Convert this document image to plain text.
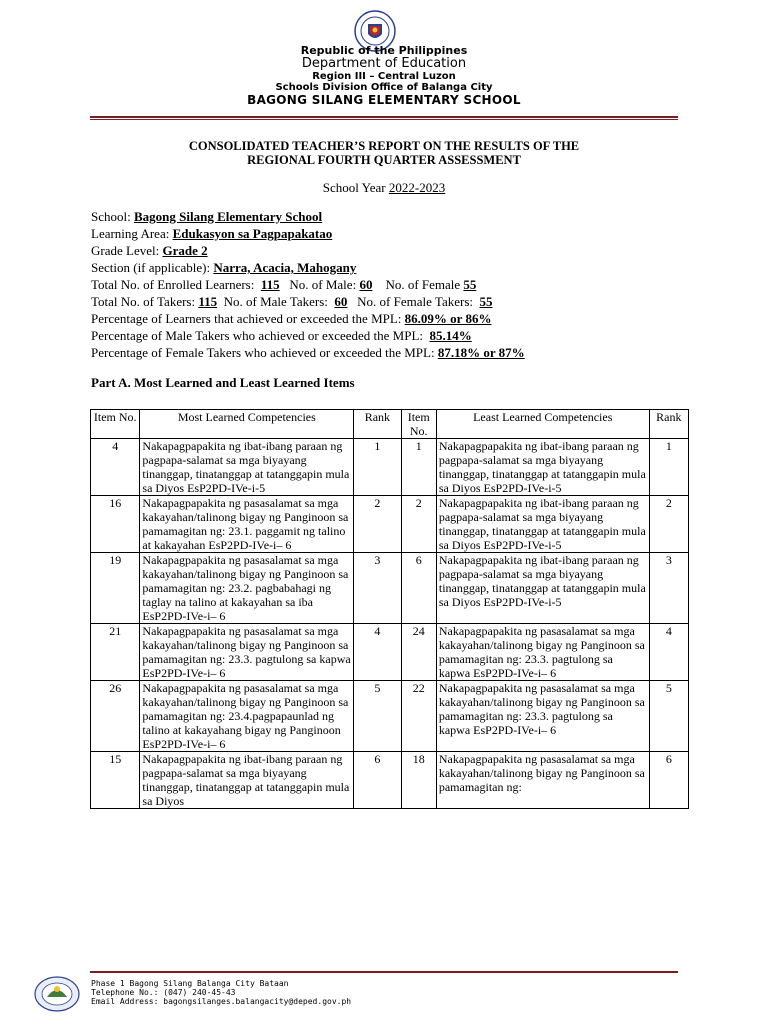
Republic of the Philippines
Department of Education
Region III – Central Luzon
Schools Division Office of Balanga City
BAGONG SILANG ELEMENTARY SCHOOL
CONSOLIDATED TEACHER’S REPORT ON THE RESULTS OF THE
REGIONAL FOURTH QUARTER ASSESSMENT
School Year 2022-2023
School: Bagong Silang Elementary School
Learning Area: Edukasyon sa Pagpapakatao
Grade Level: Grade 2
Section (if applicable): Narra, Acacia, Mahogany
Total No. of Enrolled Learners: 115 No. of Male: 60 No. of Female 55
Total No. of Takers: 115 No. of Male Takers: 60 No. of Female Takers: 55
Percentage of Learners that achieved or exceeded the MPL: 86.09% or 86%
Percentage of Male Takers who achieved or exceeded the MPL: 85.14%
Percentage of Female Takers who achieved or exceeded the MPL: 87.18% or 87%
Part A. Most Learned and Least Learned Items
Item No.	Most Learned Competencies	Rank	Item No.	Least Learned Competencies	Rank
4	Nakapagpapakita ng ibat-ibang paraan ng pagpapa-salamat sa mga biyayang tinanggap, tinatanggap at tatanggapin mula sa Diyos EsP2PD-IVe-i-5	1	1	Nakapagpapakita ng ibat-ibang paraan ng pagpapa-salamat sa mga biyayang tinanggap, tinatanggap at tatanggapin mula sa Diyos EsP2PD-IVe-i-5	1
16	Nakapagpapakita ng pasasalamat sa mga kakayahan/talinong bigay ng Panginoon sa pamamagitan ng: 23.1. paggamit ng talino at kakayahan EsP2PD-IVe-i– 6	2	2	Nakapagpapakita ng ibat-ibang paraan ng pagpapa-salamat sa mga biyayang tinanggap, tinatanggap at tatanggapin mula sa Diyos EsP2PD-IVe-i-5	2
19	Nakapagpapakita ng pasasalamat sa mga kakayahan/talinong bigay ng Panginoon sa pamamagitan ng: 23.2. pagbabahagi ng taglay na talino at kakayahan sa iba EsP2PD-IVe-i– 6	3	6	Nakapagpapakita ng ibat-ibang paraan ng pagpapa-salamat sa mga biyayang tinanggap, tinatanggap at tatanggapin mula sa Diyos EsP2PD-IVe-i-5	3
21	Nakapagpapakita ng pasasalamat sa mga kakayahan/talinong bigay ng Panginoon sa pamamagitan ng: 23.3. pagtulong sa kapwa EsP2PD-IVe-i– 6	4	24	Nakapagpapakita ng pasasalamat sa mga kakayahan/talinong bigay ng Panginoon sa pamamagitan ng: 23.3. pagtulong sa kapwa EsP2PD-IVe-i– 6	4
26	Nakapagpapakita ng pasasalamat sa mga kakayahan/talinong bigay ng Panginoon sa pamamagitan ng: 23.4.pagpapaunlad ng talino at kakayahang bigay ng Panginoon EsP2PD-IVe-i– 6	5	22	Nakapagpapakita ng pasasalamat sa mga kakayahan/talinong bigay ng Panginoon sa pamamagitan ng: 23.3. pagtulong sa kapwa EsP2PD-IVe-i– 6	5
15	Nakapagpapakita ng ibat-ibang paraan ng pagpapa-salamat sa mga biyayang tinanggap, tinatanggap at tatanggapin mula sa Diyos	6	18	Nakapagpapakita ng pasasalamat sa mga kakayahan/talinong bigay ng Panginoon sa pamamagitan ng:	6
Phase 1 Bagong Silang Balanga City Bataan
Telephone No.: (047) 240-45-43
Email Address: bagongsilanges.balangacity@deped.gov.ph
